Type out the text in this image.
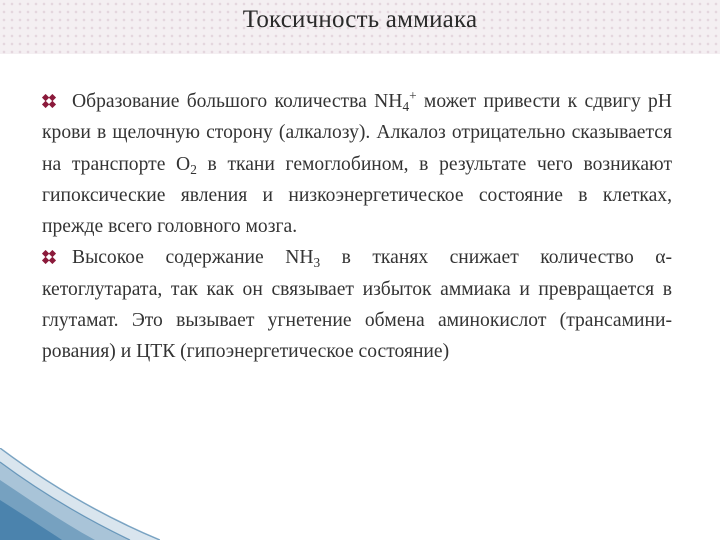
Токсичность аммиака

Образование большого количества $NH_4^+$ может привести к сдвигу рН крови в щелочную сторону (алкалозу). Алкалоз отрицательно сказывается на транспорте $О_2$ в ткани гемоглобином, в результате чего возникают гипоксические явления и низкоэнергетическое состояние в клетках, прежде всего головного мозга.

Высокое содержание $NH_3$ в тканях снижает количество α-кетоглутарата, так как он связывает избыток аммиака и превращается в глутамат. Это вызывает угнетение обмена аминокислот (трансаминирования) и ЦТК (гипоэнергетическое состояние)
